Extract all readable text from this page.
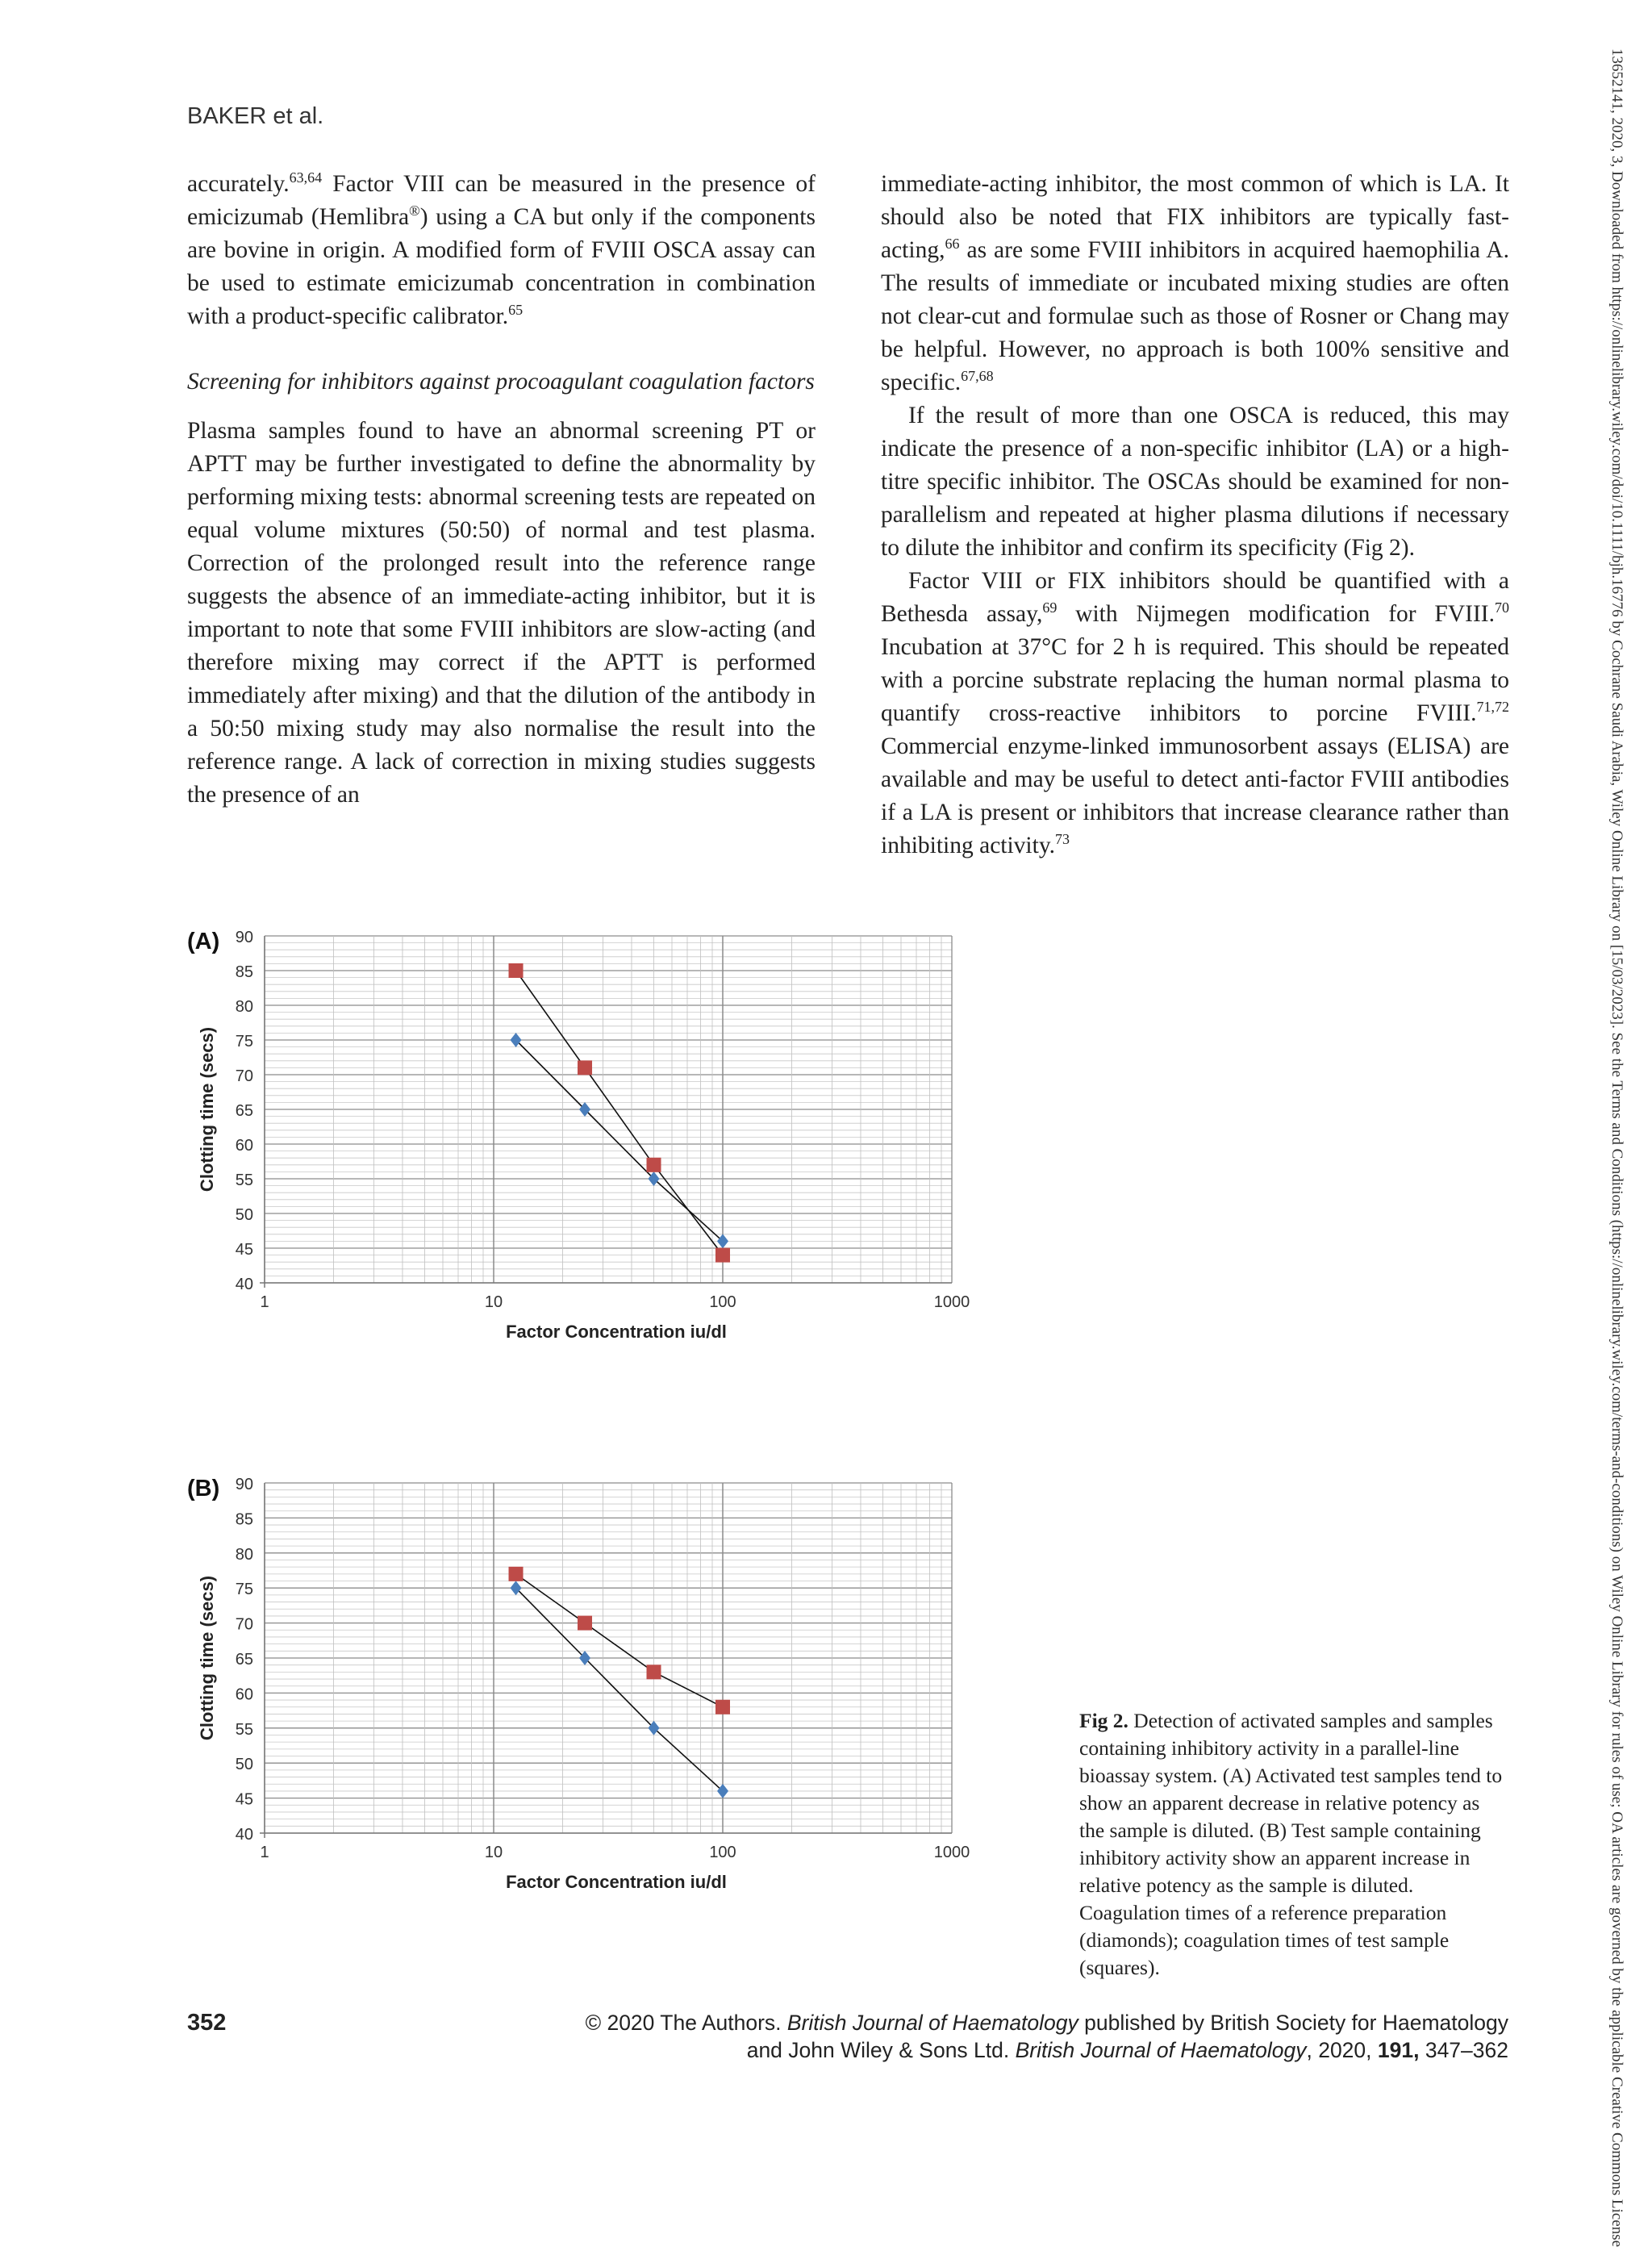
BAKER et al.

accurately.$^{63,64}$ Factor VIII can be measured in the presence of emicizumab (Hemlibra®) using a CA but only if the components are bovine in origin. A modified form of FVIII OSCA assay can be used to estimate emicizumab concentration in combination with a product-specific calibrator.$^{65}$

Screening for inhibitors against procoagulant coagulation factors

Plasma samples found to have an abnormal screening PT or APTT may be further investigated to define the abnormality by performing mixing tests: abnormal screening tests are repeated on equal volume mixtures (50:50) of normal and test plasma. Correction of the prolonged result into the reference range suggests the absence of an immediate-acting inhibitor, but it is important to note that some FVIII inhibitors are slow-acting (and therefore mixing may correct if the APTT is performed immediately after mixing) and that the dilution of the antibody in a 50:50 mixing study may also normalise the result into the reference range. A lack of correction in mixing studies suggests the presence of an

immediate-acting inhibitor, the most common of which is LA. It should also be noted that FIX inhibitors are typically fast-acting,$^{66}$ as are some FVIII inhibitors in acquired haemophilia A. The results of immediate or incubated mixing studies are often not clear-cut and formulae such as those of Rosner or Chang may be helpful. However, no approach is both 100% sensitive and specific.$^{67,68}$

If the result of more than one OSCA is reduced, this may indicate the presence of a non-specific inhibitor (LA) or a high-titre specific inhibitor. The OSCAs should be examined for non-parallelism and repeated at higher plasma dilutions if necessary to dilute the inhibitor and confirm its specificity (Fig 2).

Factor VIII or FIX inhibitors should be quantified with a Bethesda assay,$^{69}$ with Nijmegen modification for FVIII.$^{70}$ Incubation at 37°C for 2 h is required. This should be repeated with a porcine substrate replacing the human normal plasma to quantify cross-reactive inhibitors to porcine FVIII.$^{71,72}$ Commercial enzyme-linked immunosorbent assays (ELISA) are available and may be useful to detect anti-factor FVIII antibodies if a LA is present or inhibitors that increase clearance rather than inhibiting activity.$^{73}$

40
45
50
55
60
65
70
75
80
85
90
1	10	100	1000
Factor Concentration iu/dl
Clotting time (secs)
(A)
40
45
50
55
60
65
70
75
80
85
90
1	10	100	1000
Factor Concentration iu/dl
Clotting time (secs)
(B)
Fig 2. Detection of activated samples and samples containing inhibitory activity in a parallel-line bioassay system. (A) Activated test samples tend to show an apparent decrease in relative potency as the sample is diluted. (B) Test sample containing inhibitory activity show an apparent increase in relative potency as the sample is diluted. Coagulation times of a reference preparation (diamonds); coagulation times of test sample (squares).
352	© 2020 The Authors. British Journal of Haematology published by British Society for Haematology
and John Wiley & Sons Ltd. British Journal of Haematology, 2020, 191, 347–362	13652141, 2020, 3, Downloaded from https://onlinelibrary.wiley.com/doi/10.1111/bjh.16776 by Cochrane Saudi Arabia, Wiley Online Library on [15/03/2023]. See the Terms and Conditions (https://onlinelibrary.wiley.com/terms-and-conditions) on Wiley Online Library for rules of use; OA articles are governed by the applicable Creative Commons License
